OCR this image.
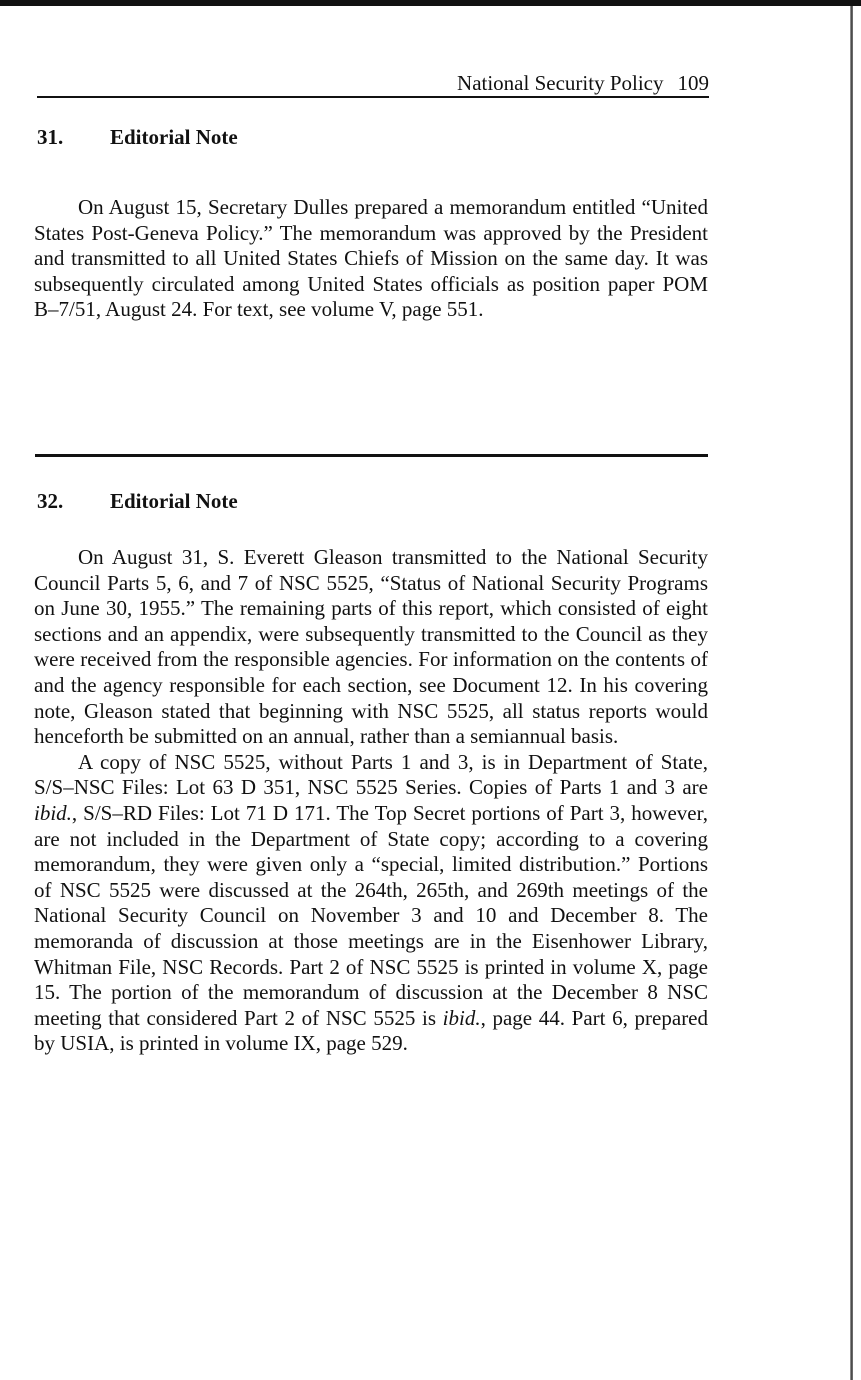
National Security Policy 109
31. Editorial Note

On August 15, Secretary Dulles prepared a memorandum entitled “United States Post-Geneva Policy.” The memorandum was approved by the President and transmitted to all United States Chiefs of Mission on the same day. It was subsequently circulated among United States officials as position paper POM B–7/51, August 24. For text, see volume V, page 551.

32. Editorial Note

On August 31, S. Everett Gleason transmitted to the National Security Council Parts 5, 6, and 7 of NSC 5525, “Status of National Security Programs on June 30, 1955.” The remaining parts of this report, which consisted of eight sections and an appendix, were subsequently transmitted to the Council as they were received from the responsible agencies. For information on the contents of and the agency responsible for each section, see Document 12. In his covering note, Gleason stated that beginning with NSC 5525, all status reports would henceforth be submitted on an annual, rather than a semiannual basis.

A copy of NSC 5525, without Parts 1 and 3, is in Department of State, S/S–NSC Files: Lot 63 D 351, NSC 5525 Series. Copies of Parts 1 and 3 are ibid., S/S–RD Files: Lot 71 D 171. The Top Secret portions of Part 3, however, are not included in the Department of State copy; according to a covering memorandum, they were given only a “special, limited distribution.” Portions of NSC 5525 were discussed at the 264th, 265th, and 269th meetings of the National Security Council on November 3 and 10 and December 8. The memoranda of discussion at those meetings are in the Eisenhower Library, Whitman File, NSC Records. Part 2 of NSC 5525 is printed in volume X, page 15. The portion of the memorandum of discussion at the December 8 NSC meeting that considered Part 2 of NSC 5525 is ibid., page 44. Part 6, prepared by USIA, is printed in volume IX, page 529.
